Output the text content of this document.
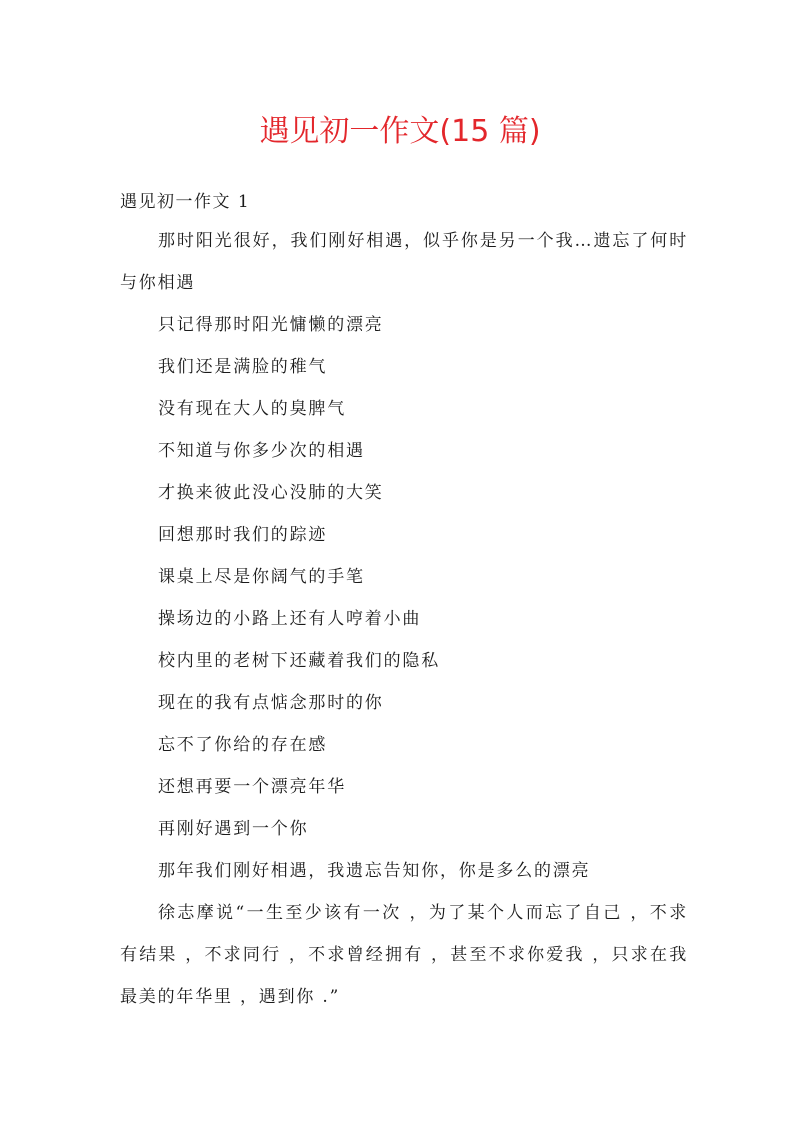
遇见初一作文(15 篇)
遇见初一作文 1

那时阳光很好，我们刚好相遇，似乎你是另一个我…遗忘了何时与你相遇

只记得那时阳光慵懒的漂亮

我们还是满脸的稚气

没有现在大人的臭脾气

不知道与你多少次的相遇

才换来彼此没心没肺的大笑

回想那时我们的踪迹

课桌上尽是你阔气的手笔

操场边的小路上还有人哼着小曲

校内里的老树下还藏着我们的隐私

现在的我有点惦念那时的你

忘不了你给的存在感

还想再要一个漂亮年华

再刚好遇到一个你

那年我们刚好相遇，我遗忘告知你，你是多么的漂亮

徐志摩说“一生至少该有一次 ，为了某个人而忘了自己 ，不求有结果 ，不求同行 ，不求曾经拥有 ，甚至不求你爱我 ，只求在我最美的年华里 ，遇到你 .”
